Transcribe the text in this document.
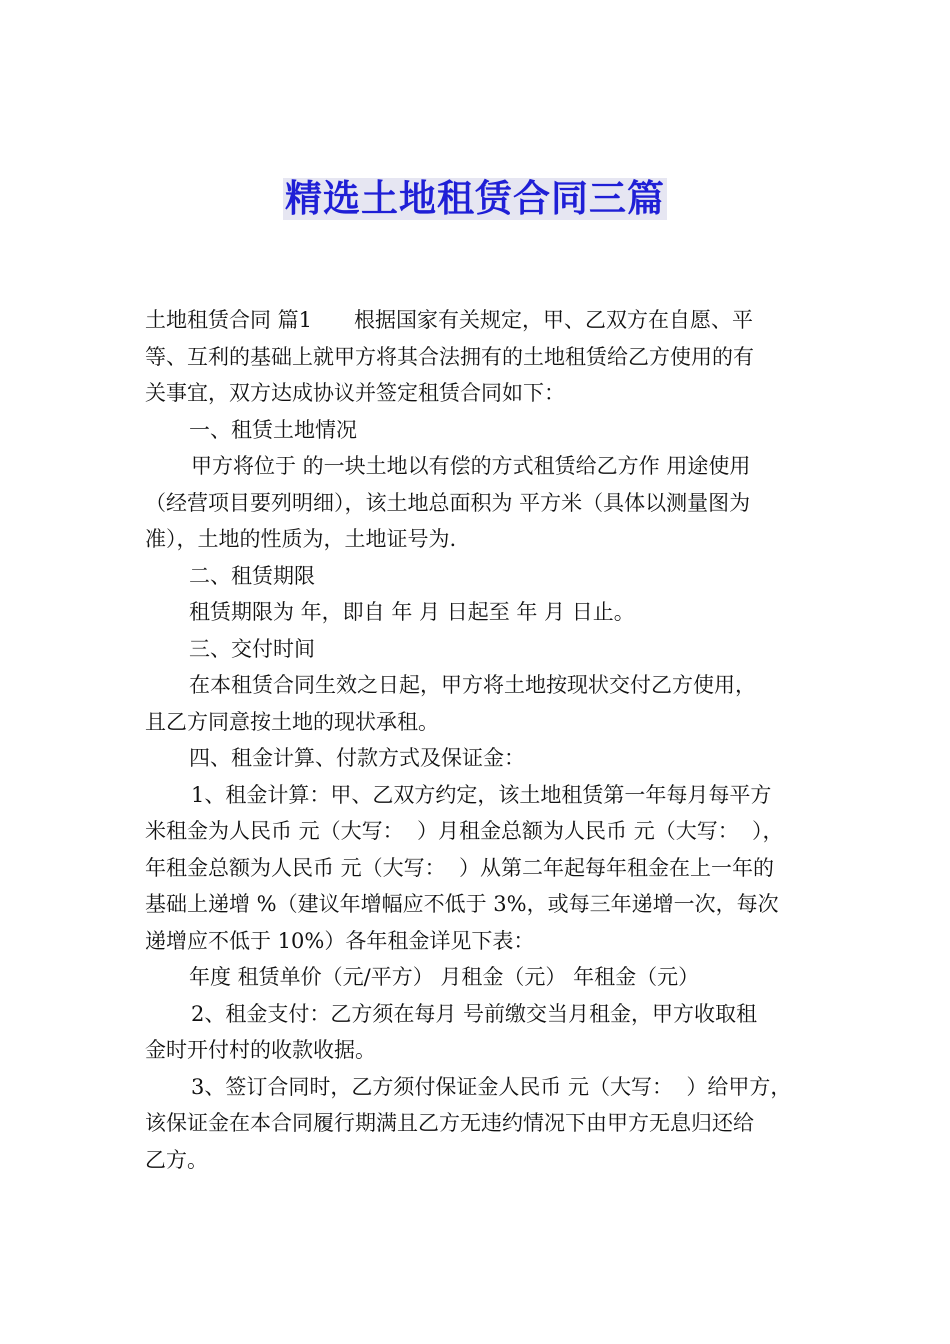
精选土地租赁合同三篇

土地租赁合同 篇1　　根据国家有关规定，甲、乙双方在自愿、平

等、互利的基础上就甲方将其合法拥有的土地租赁给乙方使用的有

关事宜，双方达成协议并签定租赁合同如下：

一、租赁土地情况

甲方将位于 的一块土地以有偿的方式租赁给乙方作 用途使用

（经营项目要列明细），该土地总面积为 平方米（具体以测量图为

准），土地的性质为，土地证号为.

二、租赁期限

租赁期限为 年，即自 年 月 日起至 年 月 日止。

三、交付时间

在本租赁合同生效之日起，甲方将土地按现状交付乙方使用，

且乙方同意按土地的现状承租。

四、租金计算、付款方式及保证金：

1、租金计算：甲、乙双方约定，该土地租赁第一年每月每平方

米租金为人民币 元（大写：  ）月租金总额为人民币 元（大写：  ），

年租金总额为人民币 元（大写：  ）从第二年起每年租金在上一年的

基础上递增 %（建议年增幅应不低于 3%，或每三年递增一次，每次

递增应不低于 10%）各年租金详见下表：

年度 租赁单价（元/平方） 月租金（元） 年租金（元）

2、租金支付：乙方须在每月 号前缴交当月租金，甲方收取租

金时开付村的收款收据。

3、签订合同时，乙方须付保证金人民币 元（大写：  ）给甲方，

该保证金在本合同履行期满且乙方无违约情况下由甲方无息归还给

乙方。
